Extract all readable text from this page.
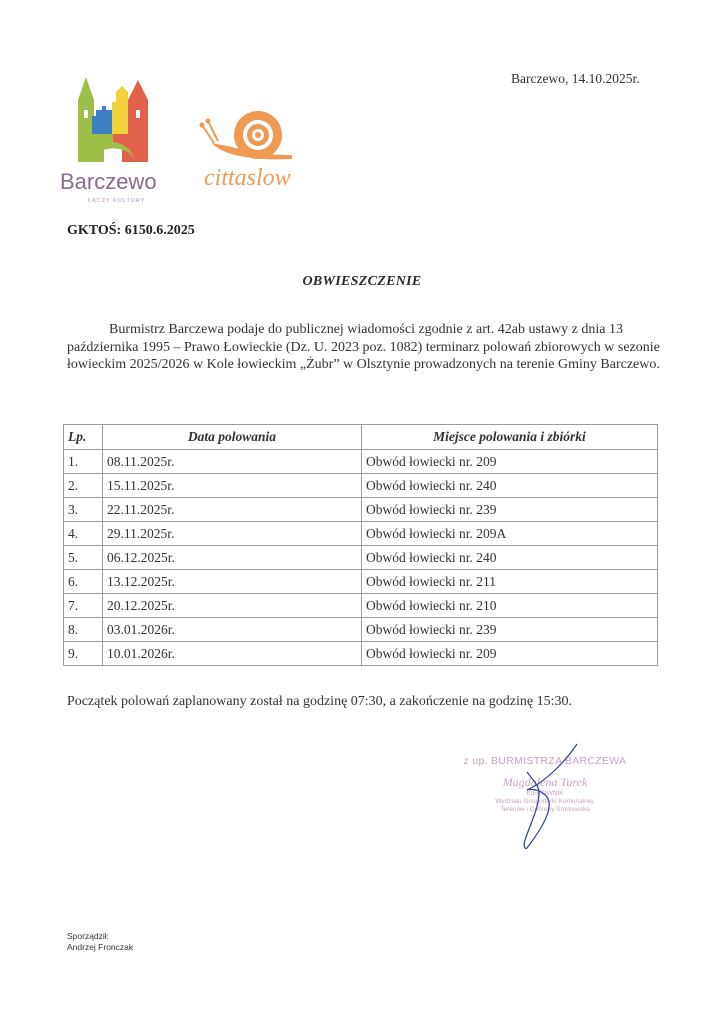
Barczewo, 14.10.2025r.
Barczewo
ŁĄCZY KULTURY
cittaslow
GKTOŚ: 6150.6.2025
OBWIESZCZENIE
Burmistrz Barczewa podaje do publicznej wiadomości zgodnie z art. 42ab ustawy z dnia 13 października 1995 – Prawo Łowieckie (Dz. U. 2023 poz. 1082) terminarz polowań zbiorowych w sezonie łowieckim 2025/2026 w Kole łowieckim „Żubr” w Olsztynie prowadzonych na terenie Gminy Barczewo.
Lp.	Data polowania	Miejsce polowania i zbiórki
1.	08.11.2025r.	Obwód łowiecki nr. 209
2.	15.11.2025r.	Obwód łowiecki nr. 240
3.	22.11.2025r.	Obwód łowiecki nr. 239
4.	29.11.2025r.	Obwód łowiecki nr. 209A
5.	06.12.2025r.	Obwód łowiecki nr. 240
6.	13.12.2025r.	Obwód łowiecki nr. 211
7.	20.12.2025r.	Obwód łowiecki nr. 210
8.	03.01.2026r.	Obwód łowiecki nr. 239
9.	10.01.2026r.	Obwód łowiecki nr. 209
Początek polowań zaplanowany został na godzinę 07:30, a zakończenie na godzinę 15:30.
z up. BURMISTRZA BARCZEWA
Magdalena Turek
KIEROWNIK
Wydziału Gospodarki Komunalnej,
Terenów i Ochrony Środowiska
Sporządził:
Andrzej Fronczak
